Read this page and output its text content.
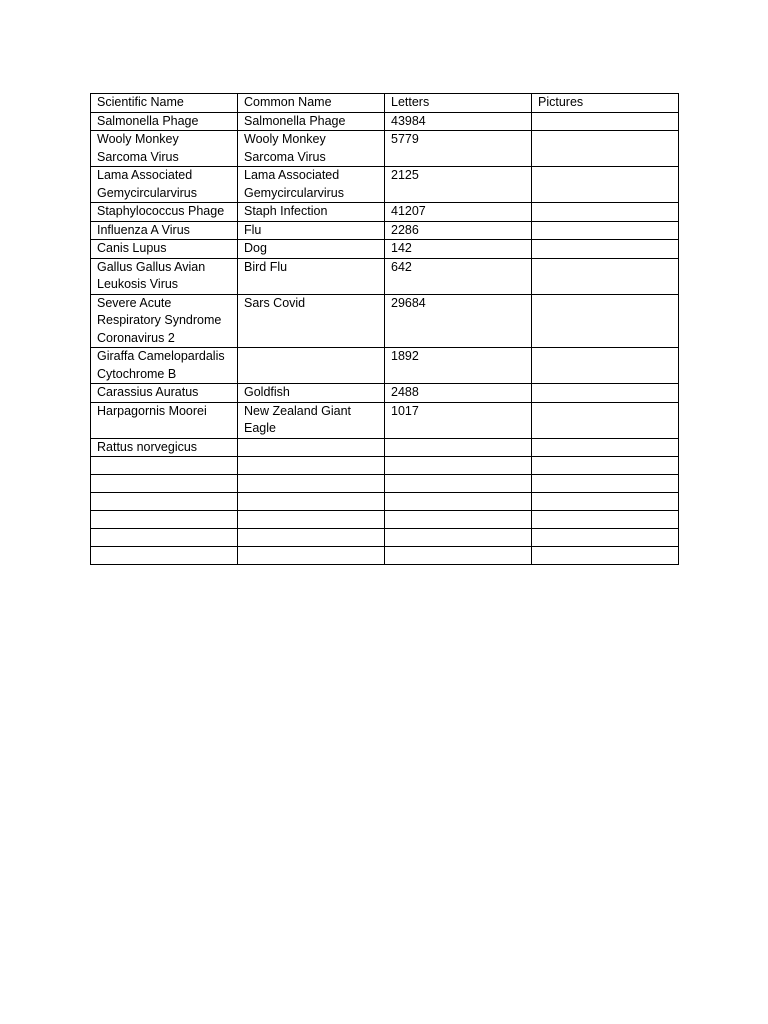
Scientific Name	Common Name	Letters	Pictures
Salmonella Phage	Salmonella Phage	43984	
Wooly Monkey Sarcoma Virus	Wooly Monkey Sarcoma Virus	5779	
Lama Associated Gemycircularvirus	Lama Associated Gemycircularvirus	2125	
Staphylococcus Phage	Staph Infection	41207	
Influenza A Virus	Flu	2286	
Canis Lupus	Dog	142	
Gallus Gallus Avian Leukosis Virus	Bird Flu	642	
Severe Acute Respiratory Syndrome Coronavirus 2	Sars Covid	29684	
Giraffa Camelopardalis Cytochrome B		1892	
Carassius Auratus	Goldfish	2488	
Harpagornis Moorei	New Zealand Giant Eagle	1017	
Rattus norvegicus			
